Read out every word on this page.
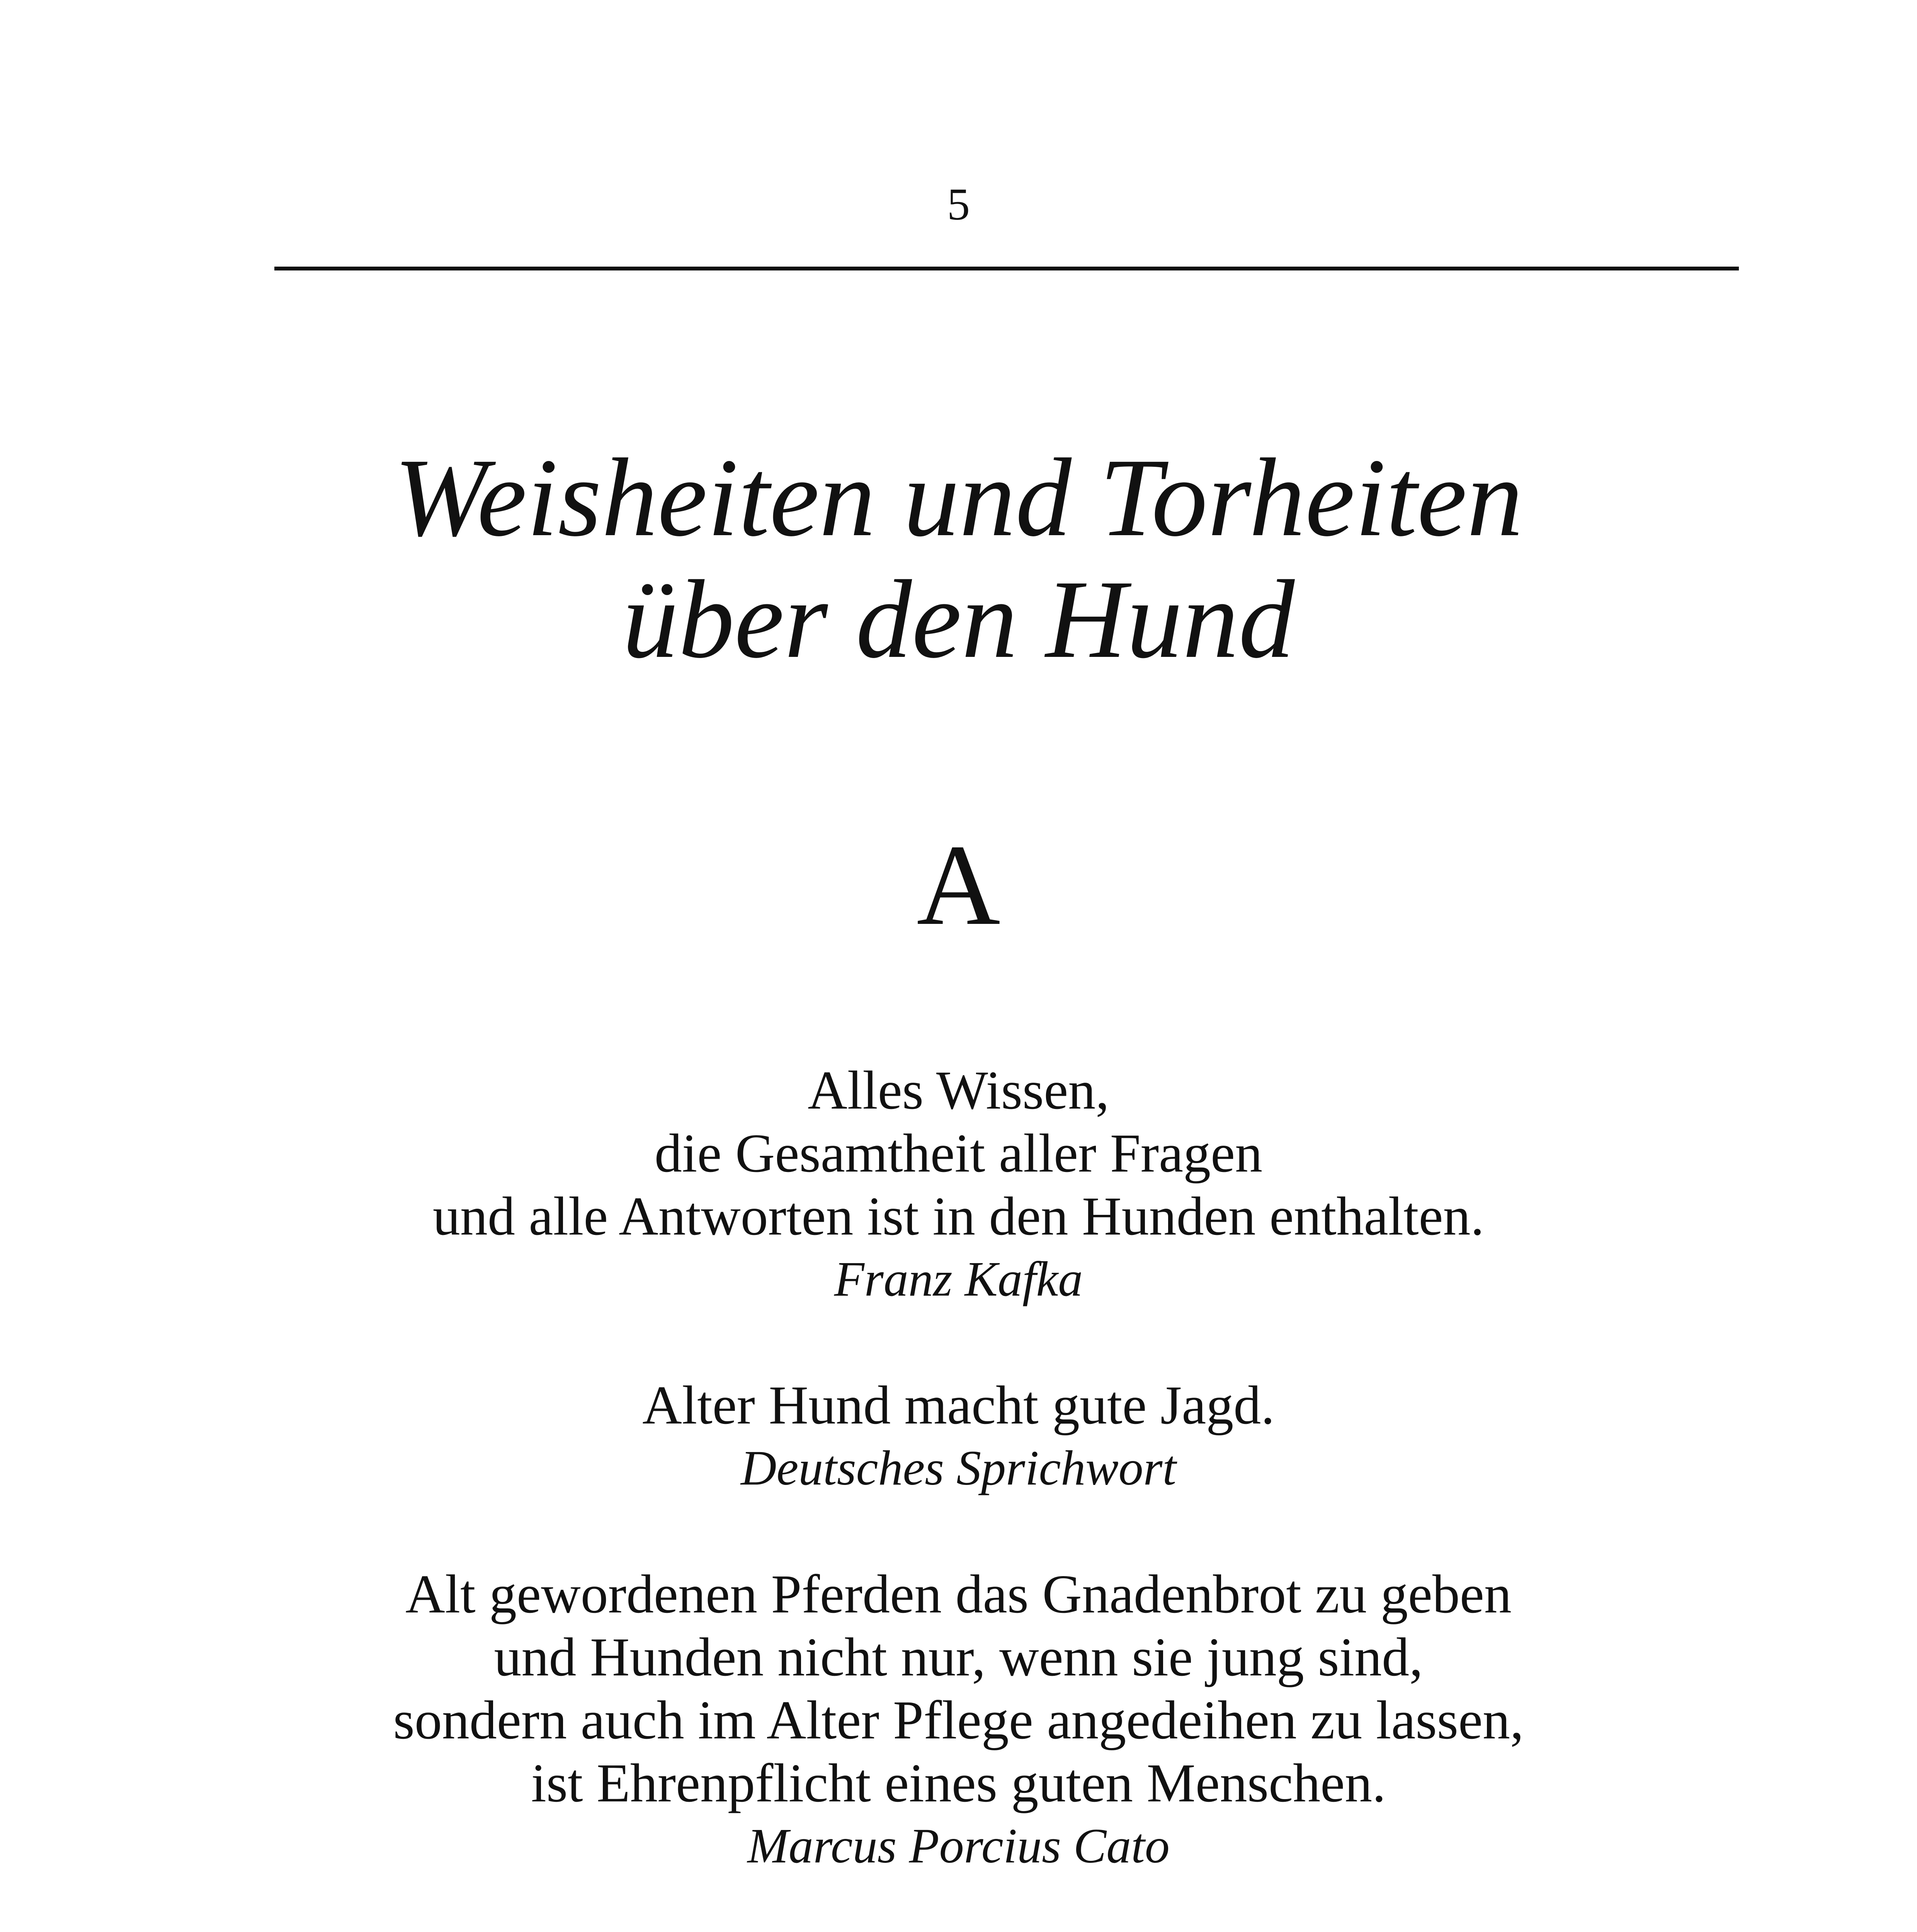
5
Weisheiten und Torheiten
über den Hund
A
Alles Wissen,
die Gesamtheit aller Fragen
und alle Antworten ist in den Hunden enthalten.
Franz Kafka
Alter Hund macht gute Jagd.
Deutsches Sprichwort
Alt gewordenen Pferden das Gnadenbrot zu geben
und Hunden nicht nur, wenn sie jung sind,
sondern auch im Alter Pflege angedeihen zu lassen,
ist Ehrenpflicht eines guten Menschen.
Marcus Porcius Cato
